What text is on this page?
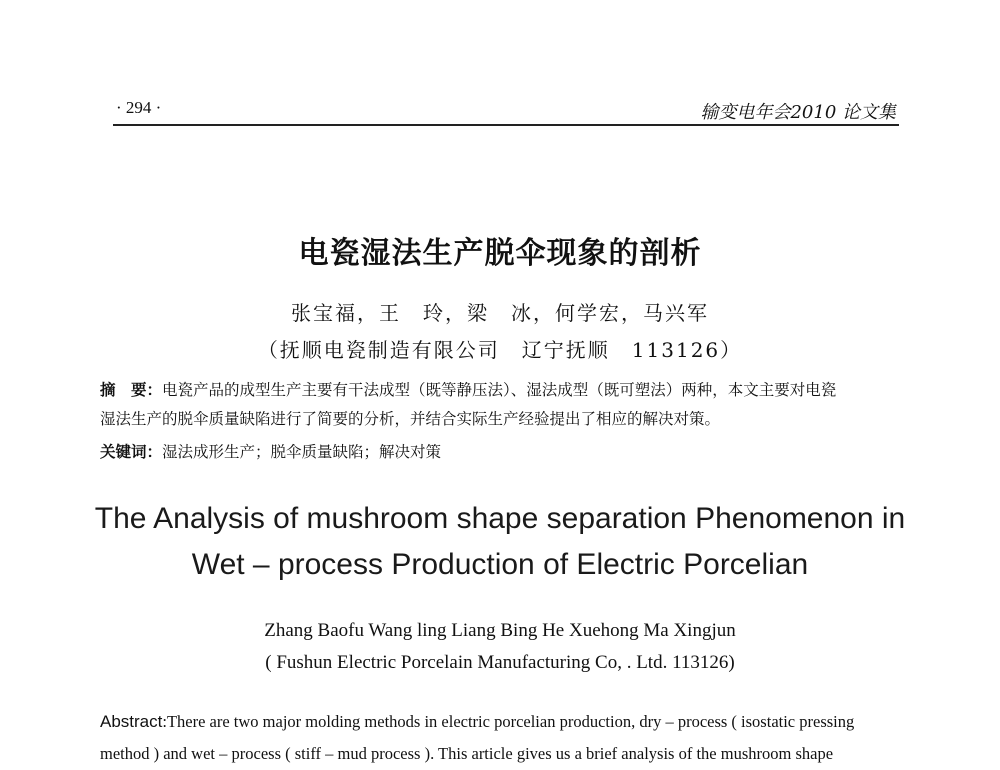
· 294 ·	输变电年会2010 论文集
电瓷湿法生产脱伞现象的剖析
张宝福，王　玲，梁　冰，何学宏，马兴军
（抚顺电瓷制造有限公司　辽宁抚顺　113126）
摘　要：电瓷产品的成型生产主要有干法成型（既等静压法）、湿法成型（既可塑法）两种，本文主要对电瓷
湿法生产的脱伞质量缺陷进行了简要的分析，并结合实际生产经验提出了相应的解决对策。
关键词：湿法成形生产；脱伞质量缺陷；解决对策
The Analysis of mushroom shape separation Phenomenon in
Wet – process Production of Electric Porcelian
Zhang Baofu Wang ling Liang Bing He Xuehong Ma Xingjun
( Fushun Electric Porcelain Manufacturing Co, . Ltd. 113126)
Abstract:There are two major molding methods in electric porcelian production, dry – process ( isostatic pressing
method ) and wet – process ( stiff – mud process ). This article gives us a brief analysis of the mushroom shape
